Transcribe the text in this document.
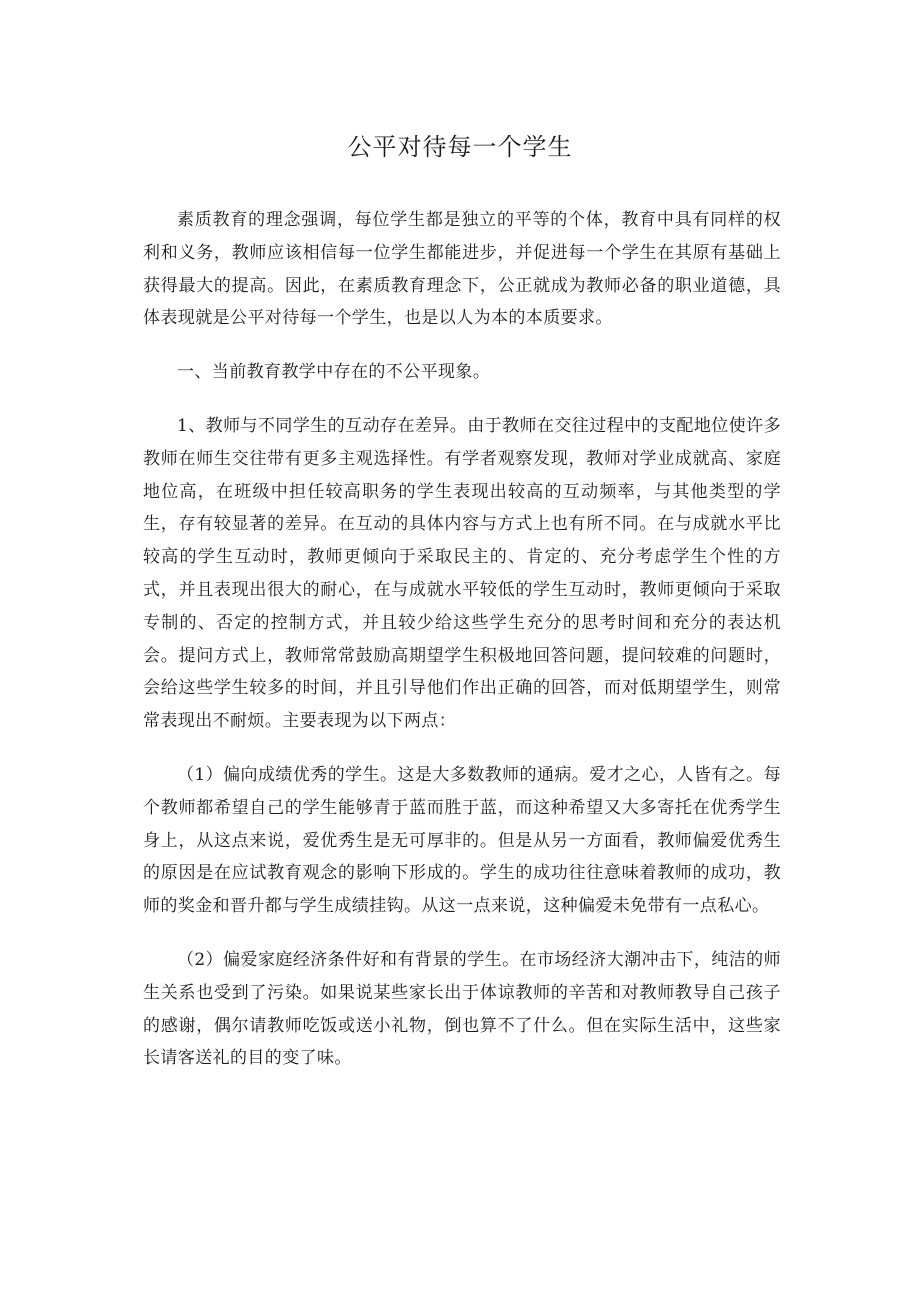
公平对待每一个学生

素质教育的理念强调，每位学生都是独立的平等的个体，教育中具有同样的权利和义务，教师应该相信每一位学生都能进步，并促进每一个学生在其原有基础上获得最大的提高。因此，在素质教育理念下，公正就成为教师必备的职业道德，具体表现就是公平对待每一个学生，也是以人为本的本质要求。

一、当前教育教学中存在的不公平现象。

1、教师与不同学生的互动存在差异。由于教师在交往过程中的支配地位使许多教师在师生交往带有更多主观选择性。有学者观察发现，教师对学业成就高、家庭地位高，在班级中担任较高职务的学生表现出较高的互动频率，与其他类型的学生，存有较显著的差异。在互动的具体内容与方式上也有所不同。在与成就水平比较高的学生互动时，教师更倾向于采取民主的、肯定的、充分考虑学生个性的方式，并且表现出很大的耐心，在与成就水平较低的学生互动时，教师更倾向于采取专制的、否定的控制方式，并且较少给这些学生充分的思考时间和充分的表达机会。提问方式上，教师常常鼓励高期望学生积极地回答问题，提问较难的问题时，会给这些学生较多的时间，并且引导他们作出正确的回答，而对低期望学生，则常常表现出不耐烦。主要表现为以下两点：

（1）偏向成绩优秀的学生。这是大多数教师的通病。爱才之心，人皆有之。每个教师都希望自己的学生能够青于蓝而胜于蓝，而这种希望又大多寄托在优秀学生身上，从这点来说，爱优秀生是无可厚非的。但是从另一方面看，教师偏爱优秀生的原因是在应试教育观念的影响下形成的。学生的成功往往意味着教师的成功，教师的奖金和晋升都与学生成绩挂钩。从这一点来说，这种偏爱未免带有一点私心。

（2）偏爱家庭经济条件好和有背景的学生。在市场经济大潮冲击下，纯洁的师生关系也受到了污染。如果说某些家长出于体谅教师的辛苦和对教师教导自己孩子的感谢，偶尔请教师吃饭或送小礼物，倒也算不了什么。但在实际生活中，这些家长请客送礼的目的变了味。
